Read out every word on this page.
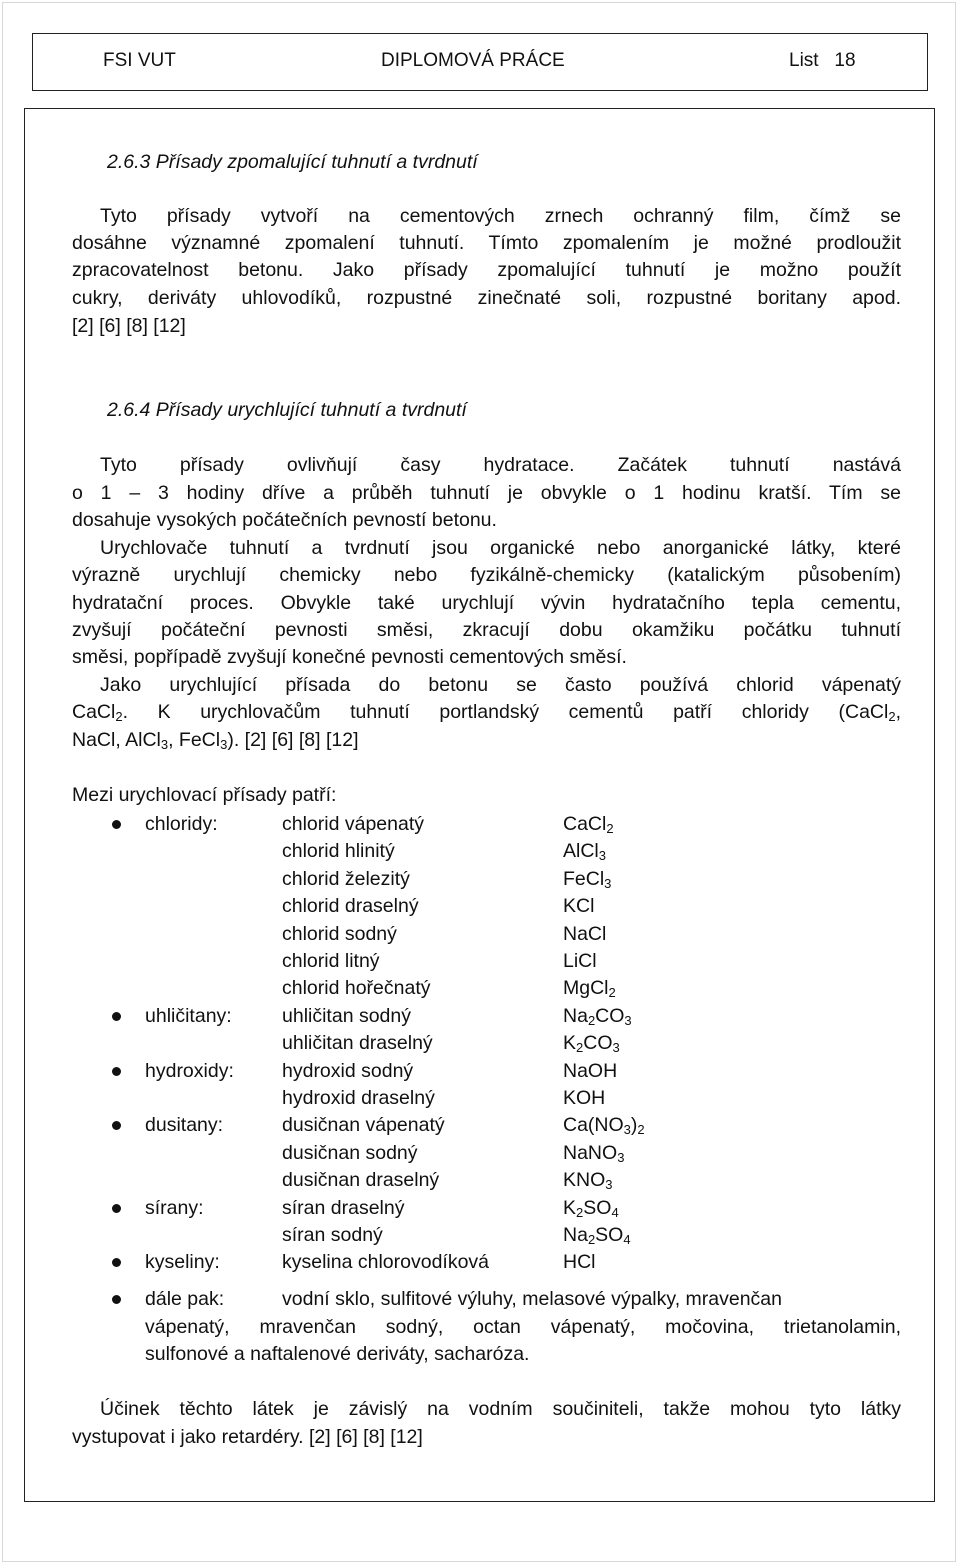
FSI VUT	DIPLOMOVÁ PRÁCE	List   18
2.6.3 Přísady zpomalující tuhnutí a tvrdnutí
Tyto přísady vytvoří na cementových zrnech ochranný film, čímž se
dosáhne významné zpomalení tuhnutí. Tímto zpomalením je možné prodloužit
zpracovatelnost betonu. Jako přísady zpomalující tuhnutí je možno použít
cukry, deriváty uhlovodíků, rozpustné zinečnaté soli, rozpustné boritany apod.
[2] [6] [8] [12]
2.6.4 Přísady urychlující tuhnutí a tvrdnutí
Tyto přísady ovlivňují časy hydratace. Začátek tuhnutí nastává
o 1 – 3 hodiny dříve a průběh tuhnutí je obvykle o 1 hodinu kratší. Tím se
dosahuje vysokých počátečních pevností betonu.
Urychlovače tuhnutí a tvrdnutí jsou organické nebo anorganické látky, které
výrazně urychlují chemicky nebo fyzikálně-chemicky (katalickým působením)
hydratační proces. Obvykle také urychlují vývin hydratačního tepla cementu,
zvyšují počáteční pevnosti směsi, zkracují dobu okamžiku počátku tuhnutí
směsi, popřípadě zvyšují konečné pevnosti cementových směsí.
Jako urychlující přísada do betonu se často používá chlorid vápenatý
CaCl$_2$. K urychlovačům tuhnutí portlandský cementů patří chloridy (CaCl$_2$,
NaCl, AlCl$_3$, FeCl$_3$). [2] [6] [8] [12]
Mezi urychlovací přísady patří:
chloridy:	chlorid vápenatý	CaCl$_2$
chlorid hlinitý	AlCl$_3$
chlorid železitý	FeCl$_3$
chlorid draselný	KCl
chlorid sodný	NaCl
chlorid litný	LiCl
chlorid hořečnatý	MgCl$_2$
uhličitany:	uhličitan sodný	$Na_2CO_3$
uhličitan draselný	$K_2CO_3$
hydroxidy: hydroxid sodný	NaOH
hydroxid draselný	KOH
dusitany:	dusičnan vápenatý	$Ca(NO_3)_2$
dusičnan sodný	NaNO$_3$
dusičnan draselný	$KNO_3$
sírany:	síran draselný	$K_2SO_4$
síran sodný	$Na_2SO_4$
kyseliny:	kyselina chlorovodíková	HCl
dále pak:	vodní sklo, sulfitové výluhy, melasové výpalky, mravenčan
vápenatý, mravenčan sodný, octan vápenatý, močovina, trietanolamin,
sulfonové a naftalenové deriváty, sacharóza.
Účinek těchto látek je závislý na vodním součiniteli, takže mohou tyto látky
vystupovat i jako retardéry. [2] [6] [8] [12]
